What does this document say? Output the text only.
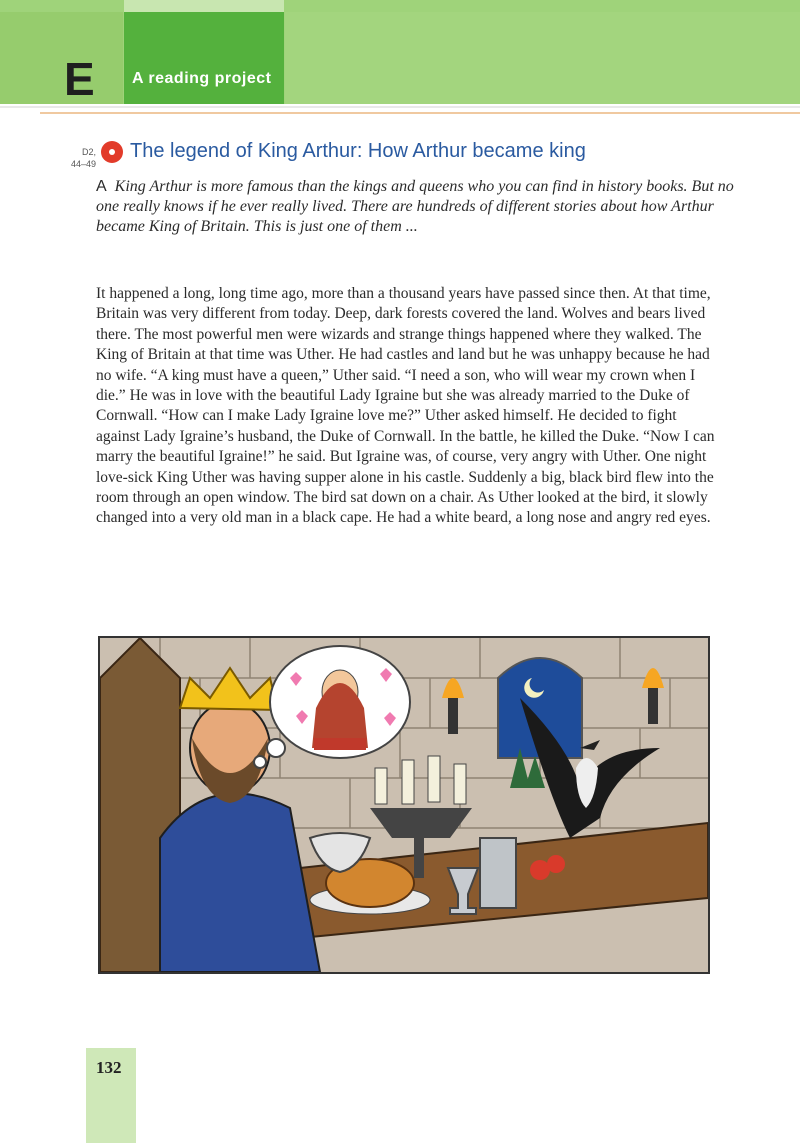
E A reading project
D2,
44–49
The legend of King Arthur: How Arthur became king

A King Arthur is more famous than the kings and queens who you can find in history books. But no one really knows if he ever really lived. There are hundreds of different stories about how Arthur became King of Britain. This is just one of them ...

It happened a long, long time ago, more than a thousand years have passed since then. At that time, Britain was very different from today. Deep, dark forests covered the land. Wolves and bears lived there. The most powerful men were wizards and strange things happened where they walked. The King of Britain at that time was Uther. He had castles and land but he was unhappy because he had no wife. “A king must have a queen,” Uther said. “I need a son, who will wear my crown when I die.” He was in love with the beautiful Lady Igraine but she was already married to the Duke of Cornwall. “How can I make Lady Igraine love me?” Uther asked himself. He decided to fight against Lady Igraine’s husband, the Duke of Cornwall. In the battle, he killed the Duke. “Now I can marry the beautiful Igraine!” he said. But Igraine was, of course, very angry with Uther. One night love-sick King Uther was having supper alone in his castle. Suddenly a big, black bird flew into the room through an open window. The bird sat down on a chair. As Uther looked at the bird, it slowly changed into a very old man in a black cape. He had a white beard, a long nose and angry red eyes.

132
